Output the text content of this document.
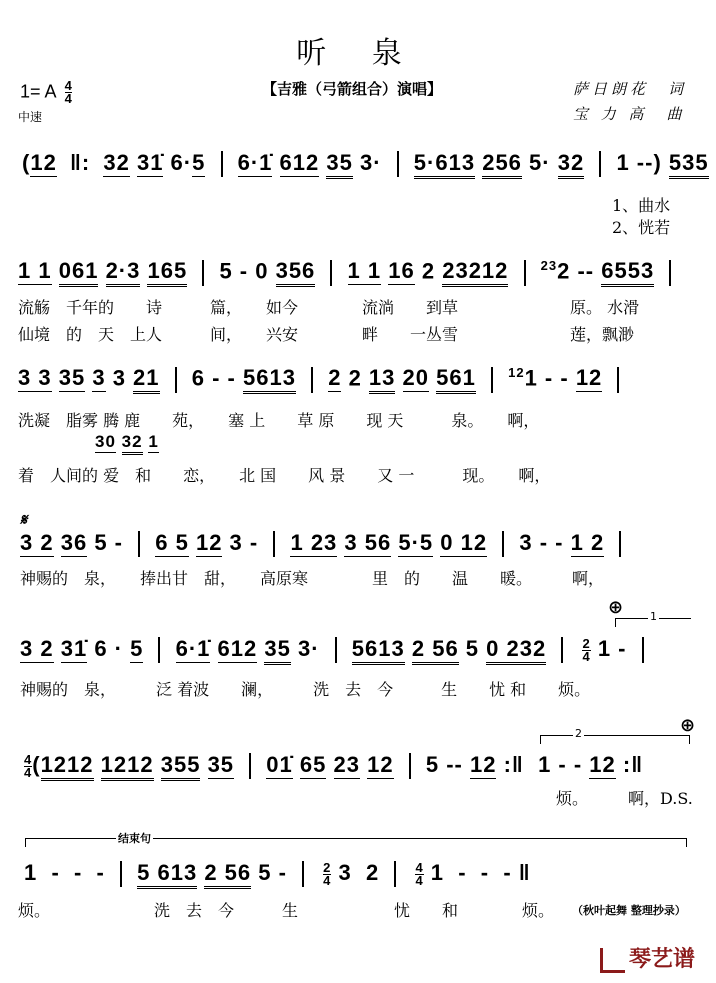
听 泉
1= A $\frac{4}{4}$
中速
【吉雅（弓箭组合）演唱】	萨日朗花　词
宝 力 高　曲
(12 ‖: 32 31̇ 6·5 6·1̇ 612 35 3·  5·613 256 5· 32  1 --) 535
1、曲水
2、恍若
1 1 061 2·3 165  5 - 0 356 1 1 16 2 23212 $^{23}$2 -- 6553
流觞　千年的　　诗　　　篇，　　如今　　　　流淌　　到草　　　　　　　原。 水滑
仙境　的　天　上人　　　间，　　兴安　　　　畔　　一丛雪　　　　　　　莲，飘渺
3 3 35 3 3 21  6 - - 5613 2 2 13 20 561 $^{12}$1 - - 12
洗凝　脂雾 腾 鹿　　苑，　　塞 上　　草 原　　现 天　　　泉。　　啊，
30 32 1
着　人间的 爱　和　　恋，　　北 国　　风 景　　又 一　　　现。　　啊，
𝄋
3 2 36 5 -  6 5 12 3 -  1 23 3 56 5·5 0 12  3 - - 1 2
神赐的　泉，　　捧出甘　甜，　　高原寒　　　　里　的　　温　　暖。　　　啊，
⊕ 1
3 2 31̇ 6 · 5 6·1̇ 612 35 3·  5613 2 56 5 0 232	2
4 1 -
神赐的　泉，　　　泛 着波　　澜，　　　洗　去　今　　　生　　忧 和　　烦。
2	⊕
4
4 (1212 1212 355 35 01̇ 65 23 12  5 -- 12 :‖  1 - - 12 :‖
烦。　　　啊，D.S.
结束句
1  -  -  -  5 613 2 56 5 -  2
4 3  2  4
4 1  -  -  - ‖
烦。　　　　　　　洗　去　今　　　生　　　　　　忧　　和　　　　烦。 （秋叶起舞 整理抄录）
琴艺谱
